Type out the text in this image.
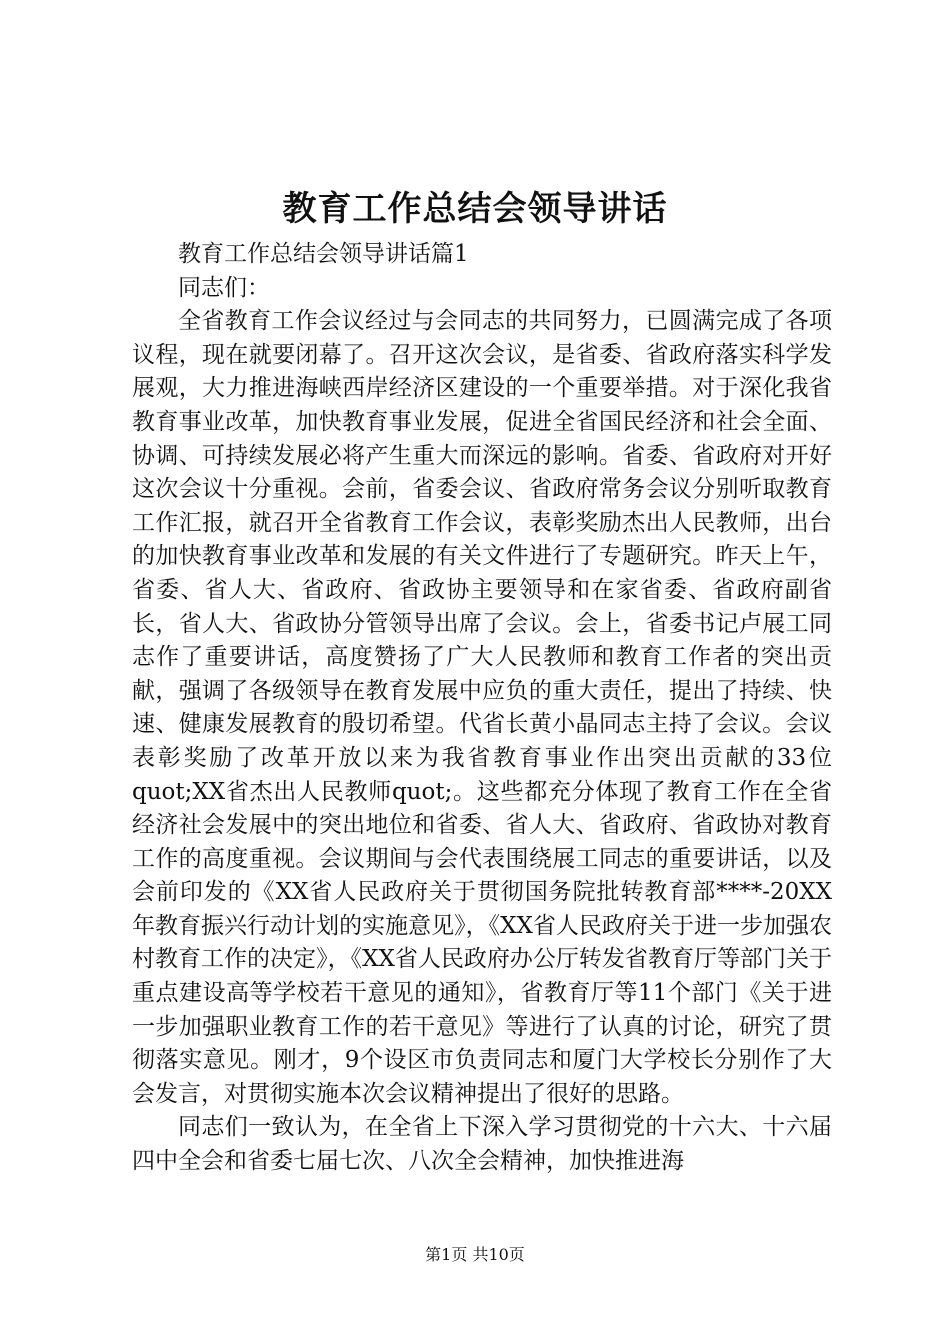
教育工作总结会领导讲话

教育工作总结会领导讲话篇1

同志们：

全省教育工作会议经过与会同志的共同努力，已圆满完成了各项议程，现在就要闭幕了。召开这次会议，是省委、省政府落实科学发展观，大力推进海峡西岸经济区建设的一个重要举措。对于深化我省教育事业改革，加快教育事业发展，促进全省国民经济和社会全面、协调、可持续发展必将产生重大而深远的影响。省委、省政府对开好这次会议十分重视。会前，省委会议、省政府常务会议分别听取教育工作汇报，就召开全省教育工作会议，表彰奖励杰出人民教师，出台的加快教育事业改革和发展的有关文件进行了专题研究。昨天上午，省委、省人大、省政府、省政协主要领导和在家省委、省政府副省长，省人大、省政协分管领导出席了会议。会上，省委书记卢展工同志作了重要讲话，高度赞扬了广大人民教师和教育工作者的突出贡献，强调了各级领导在教育发展中应负的重大责任，提出了持续、快速、健康发展教育的殷切希望。代省长黄小晶同志主持了会议。会议表彰奖励了改革开放以来为我省教育事业作出突出贡献的33位quot;XX省杰出人民教师quot;。这些都充分体现了教育工作在全省经济社会发展中的突出地位和省委、省人大、省政府、省政协对教育工作的高度重视。会议期间与会代表围绕展工同志的重要讲话，以及会前印发的《XX省人民政府关于贯彻国务院批转教育部****-20XX年教育振兴行动计划的实施意见》，《XX省人民政府关于进一步加强农村教育工作的决定》，《XX省人民政府办公厅转发省教育厅等部门关于重点建设高等学校若干意见的通知》，省教育厅等11个部门《关于进一步加强职业教育工作的若干意见》等进行了认真的讨论，研究了贯彻落实意见。刚才，9个设区市负责同志和厦门大学校长分别作了大会发言，对贯彻实施本次会议精神提出了很好的思路。

同志们一致认为，在全省上下深入学习贯彻党的十六大、十六届四中全会和省委七届七次、八次全会精神，加快推进海

第1页 共10页
